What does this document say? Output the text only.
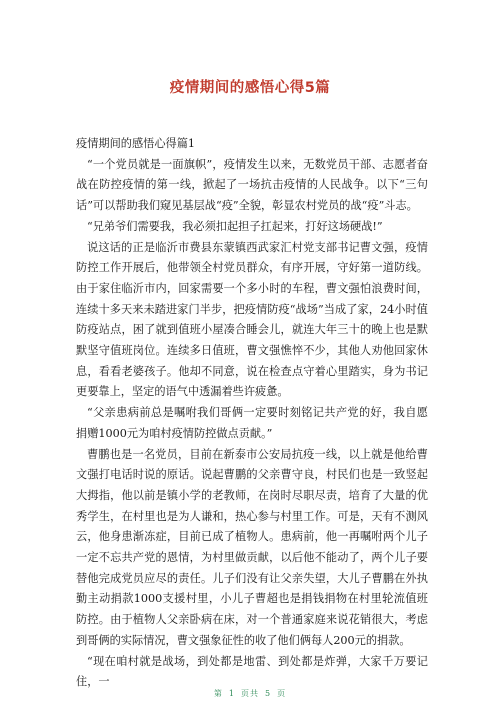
疫情期间的感悟心得5篇

疫情期间的感悟心得篇1

“一个党员就是一面旗帜”，疫情发生以来，无数党员干部、志愿者奋战在防控疫情的第一线，掀起了一场抗击疫情的人民战争。以下“三句话”可以帮助我们窥见基层战“疫”全貌，彰显农村党员的战“疫”斗志。

“兄弟爷们需要我，我必须扣起担子扛起来，打好这场硬战!”

说这话的正是临沂市费县东蒙镇西武家汇村党支部书记曹文强，疫情防控工作开展后，他带领全村党员群众，有序开展，守好第一道防线。由于家住临沂市内，回家需要一个多小时的车程，曹文强怕浪费时间，连续十多天来未踏进家门半步，把疫情防疫“战场”当成了家，24小时值防疫站点，困了就到值班小屋凑合睡会儿，就连大年三十的晚上也是默默坚守值班岗位。连续多日值班，曹文强憔悴不少，其他人劝他回家休息，看看老婆孩子。他却不同意，说在检查点守着心里踏实，身为书记更要靠上，坚定的语气中透漏着些许疲惫。

“父亲患病前总是嘱咐我们哥俩一定要时刻铭记共产党的好，我自愿捐赠1000元为咱村疫情防控做点贡献。”

曹鹏也是一名党员，目前在新泰市公安局抗疫一线，以上就是他给曹文强打电话时说的原话。说起曹鹏的父亲曹守良，村民们也是一致竖起大拇指，他以前是镇小学的老教师，在岗时尽职尽责，培育了大量的优秀学生，在村里也是为人谦和，热心参与村里工作。可是，天有不测风云，他身患渐冻症，目前已成了植物人。患病前，他一再嘱咐两个儿子一定不忘共产党的恩情，为村里做贡献，以后他不能动了，两个儿子要替他完成党员应尽的责任。儿子们没有让父亲失望，大儿子曹鹏在外执勤主动捐款1000支援村里，小儿子曹超也是捐钱捐物在村里轮流值班防控。由于植物人父亲卧病在床，对一个普通家庭来说花销很大，考虑到哥俩的实际情况，曹文强象征性的收了他们俩每人200元的捐款。

“现在咱村就是战场，到处都是地雷、到处都是炸弹，大家千万要记住，一

第 1 页共 5 页
